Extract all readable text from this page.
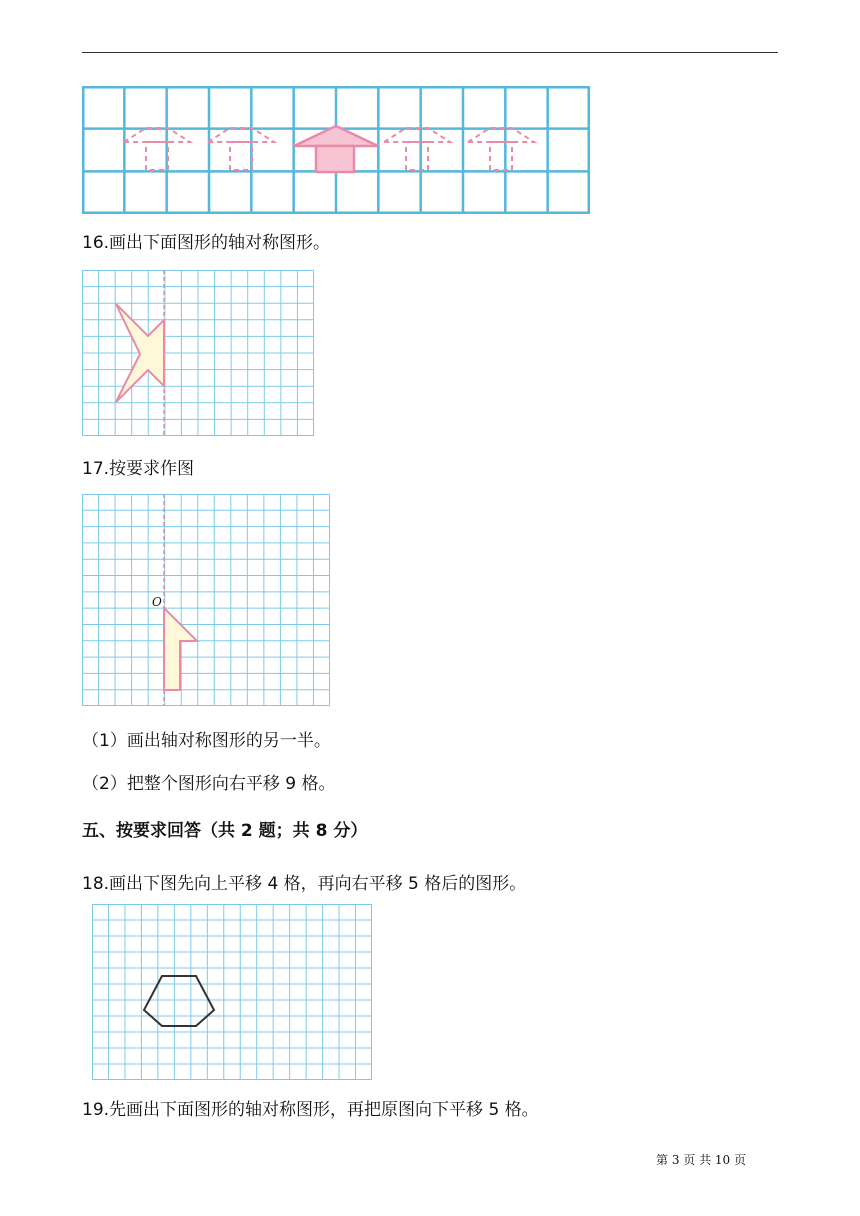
16.画出下面图形的轴对称图形。
17.按要求作图
O
（1）画出轴对称图形的另一半。
（2）把整个图形向右平移 9 格。
五、按要求回答（共 2 题；共 8 分）
18.画出下图先向上平移 4 格，再向右平移 5 格后的图形。
19.先画出下面图形的轴对称图形，再把原图向下平移 5 格。
第 3 页 共 10 页
